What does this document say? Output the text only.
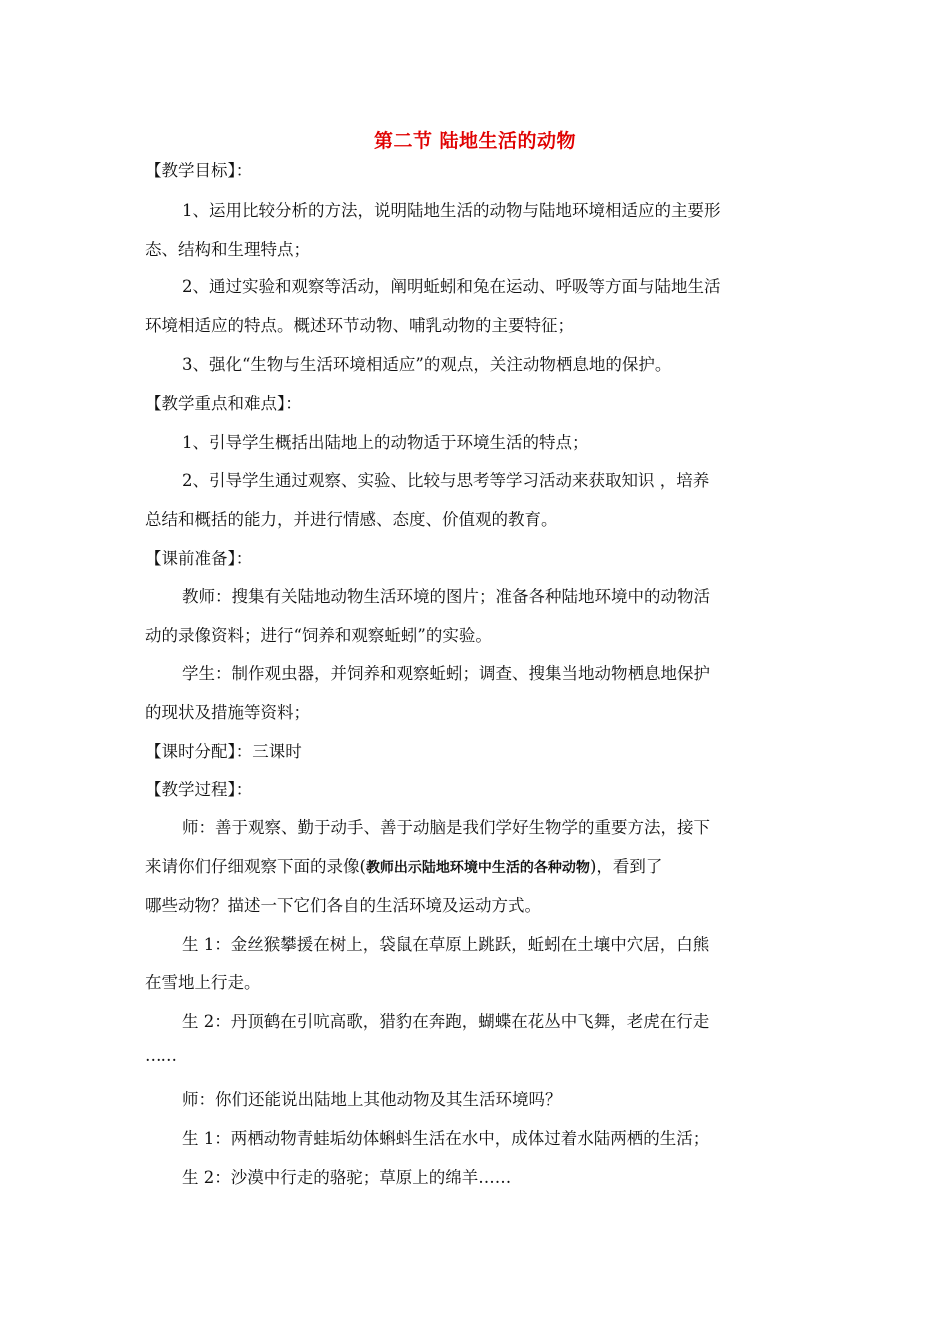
第二节 陆地生活的动物
【教学目标】：
1、运用比较分析的方法，说明陆地生活的动物与陆地环境相适应的主要形
态、结构和生理特点；
2、通过实验和观察等活动，阐明蚯蚓和兔在运动、呼吸等方面与陆地生活
环境相适应的特点。概述环节动物、哺乳动物的主要特征；
3、强化“生物与生活环境相适应”的观点，关注动物栖息地的保护。
【教学重点和难点】：
1、引导学生概括出陆地上的动物适于环境生活的特点；
2、引导学生通过观察、实验、比较与思考等学习活动来获取知识 ，培养
总结和概括的能力，并进行情感、态度、价值观的教育。
【课前准备】：
教师：搜集有关陆地动物生活环境的图片；准备各种陆地环境中的动物活
动的录像资料；进行“饲养和观察蚯蚓”的实验。
学生：制作观虫器，并饲养和观察蚯蚓；调查、搜集当地动物栖息地保护
的现状及措施等资料；
【课时分配】：三课时
【教学过程】：
师：善于观察、勤于动手、善于动脑是我们学好生物学的重要方法，接下
来请你们仔细观察下面的录像(教师出示陆地环境中生活的各种动物)，看到了
哪些动物？描述一下它们各自的生活环境及运动方式。
生 1：金丝猴攀援在树上，袋鼠在草原上跳跃，蚯蚓在土壤中穴居，白熊
在雪地上行走。
生 2：丹顶鹤在引吭高歌，猎豹在奔跑，蝴蝶在花丛中飞舞，老虎在行走
……
师：你们还能说出陆地上其他动物及其生活环境吗？
生 1：两栖动物青蛙垢幼体蝌蚪生活在水中，成体过着水陆两栖的生活；
生 2：沙漠中行走的骆驼；草原上的绵羊……
